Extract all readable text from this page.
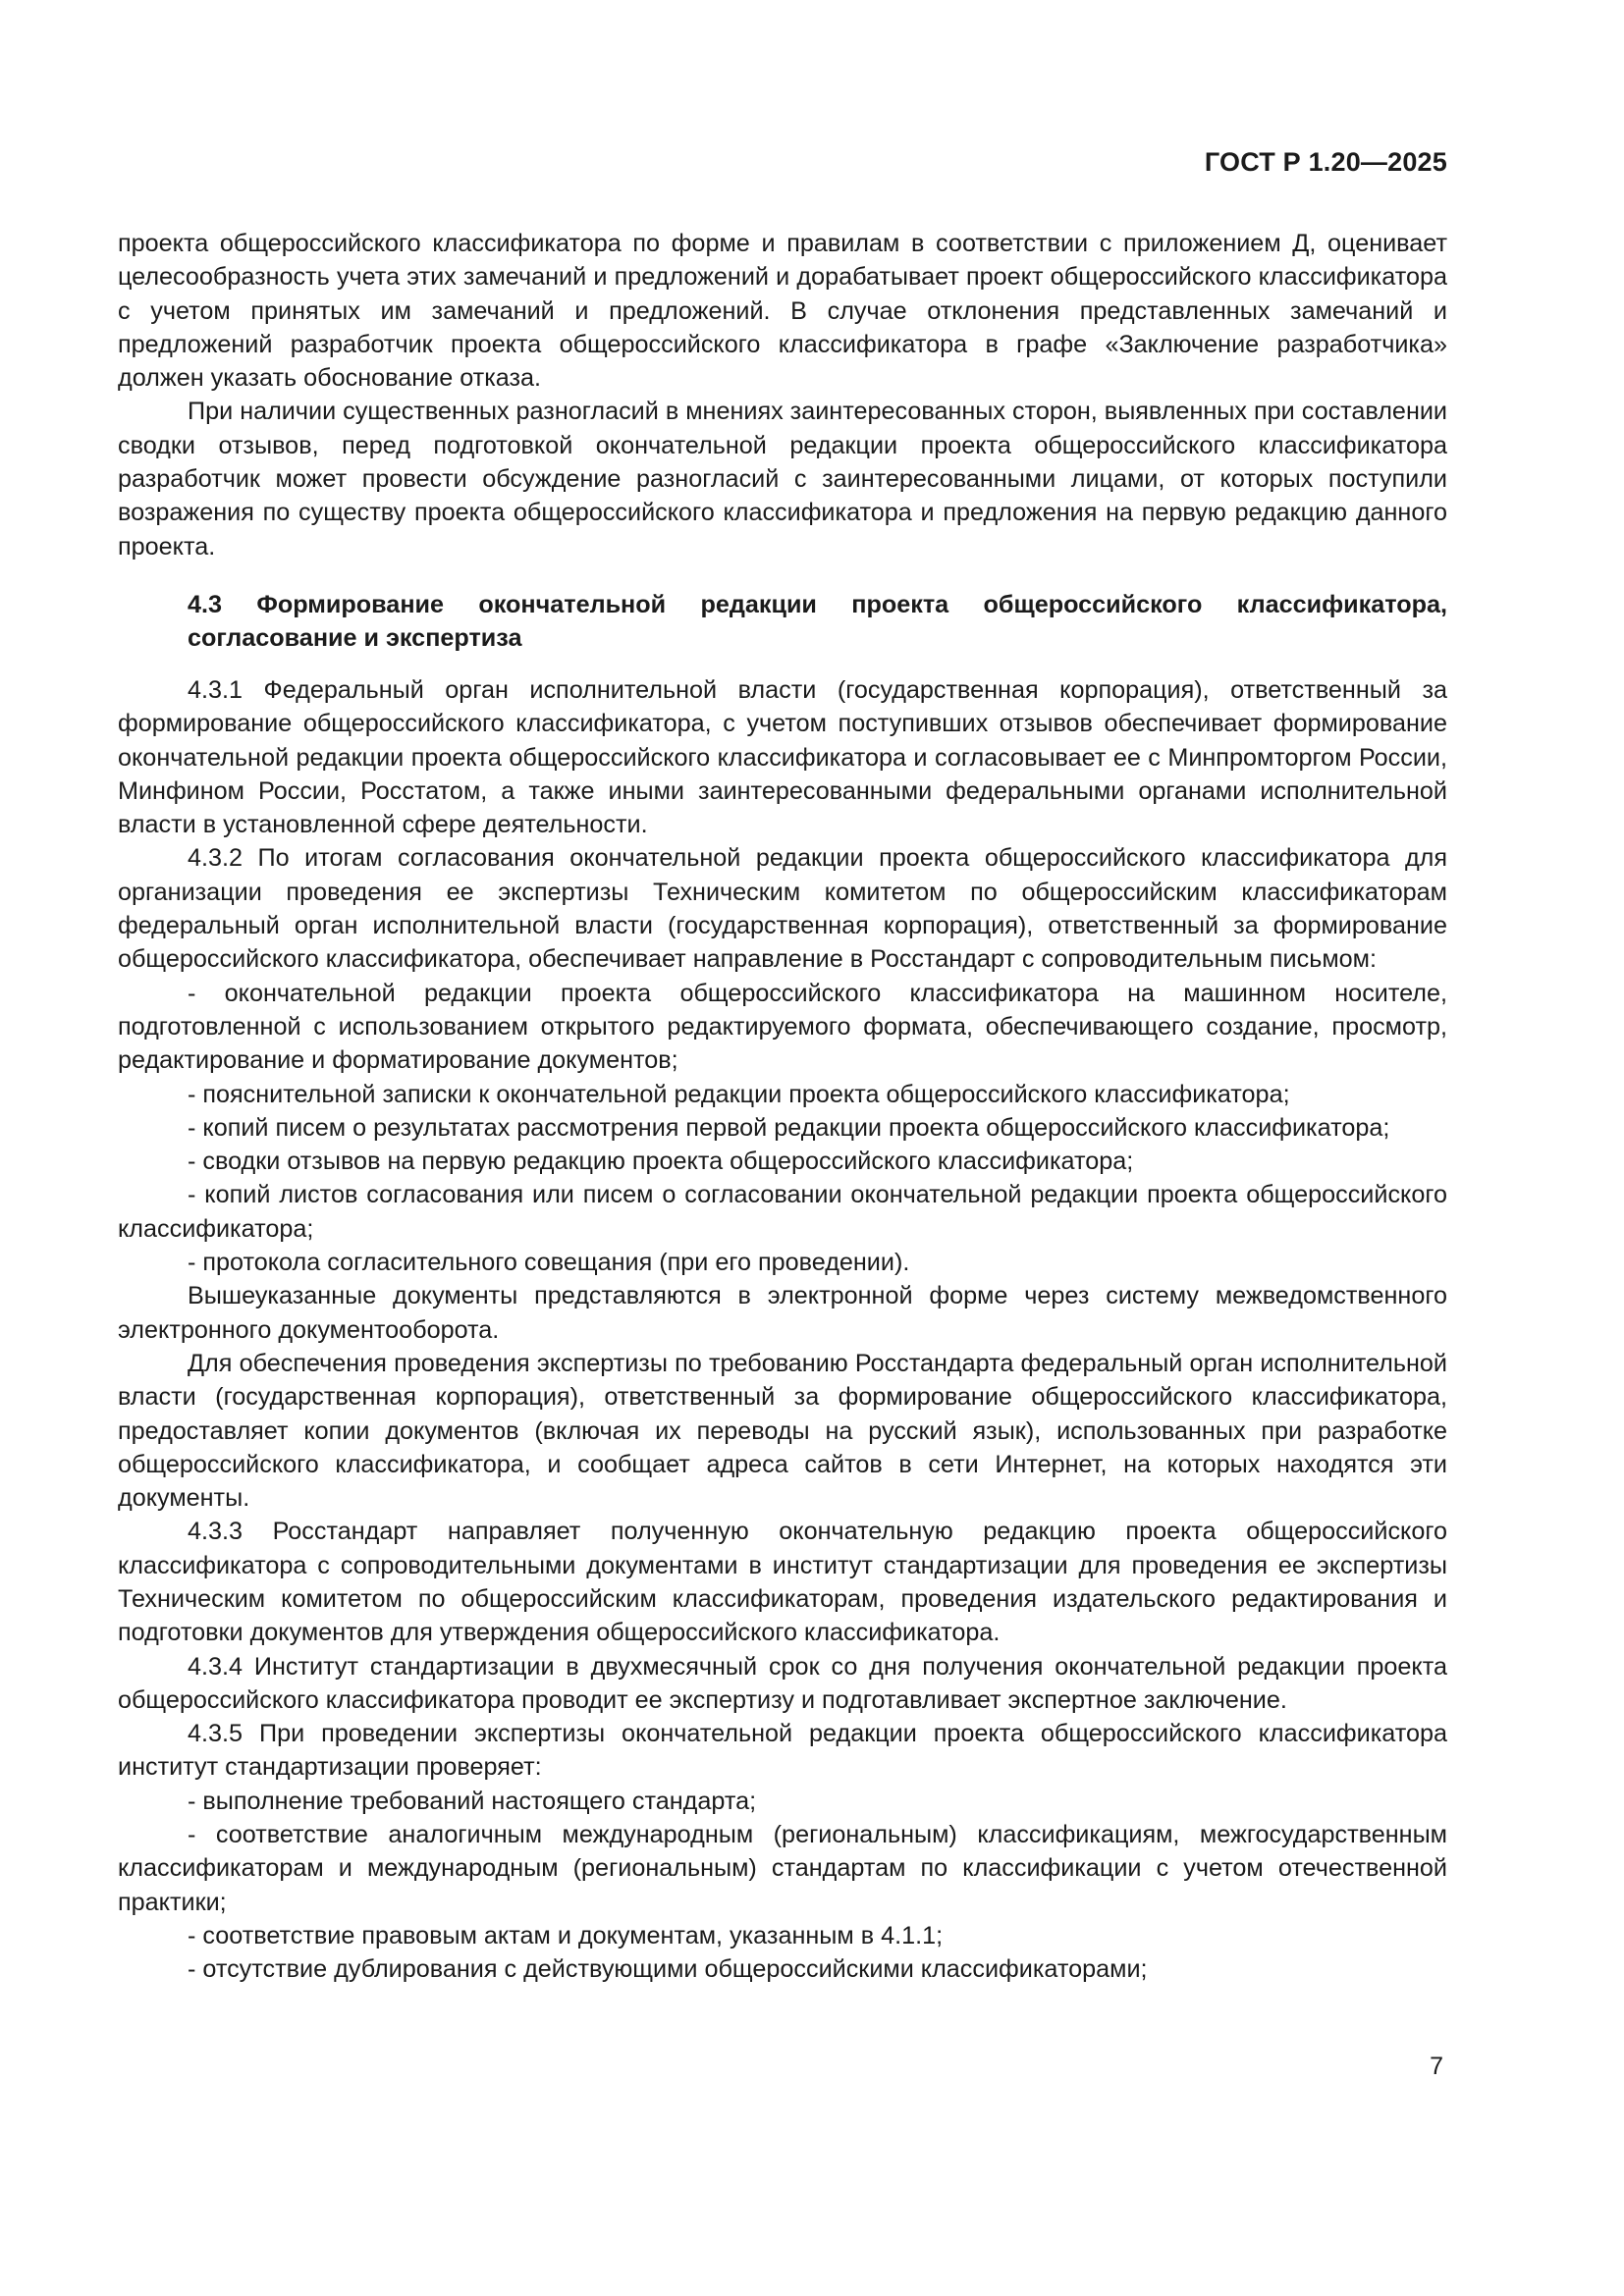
ГОСТ Р 1.20—2025

проекта общероссийского классификатора по форме и правилам в соответствии с приложением Д, оценивает целесообразность учета этих замечаний и предложений и дорабатывает проект общероссийского классификатора с учетом принятых им замечаний и предложений. В случае отклонения представленных замечаний и предложений разработчик проекта общероссийского классификатора в графе «Заключение разработчика» должен указать обоснование отказа.

При наличии существенных разногласий в мнениях заинтересованных сторон, выявленных при составлении сводки отзывов, перед подготовкой окончательной редакции проекта общероссийского классификатора разработчик может провести обсуждение разногласий с заинтересованными лицами, от которых поступили возражения по существу проекта общероссийского классификатора и предложения на первую редакцию данного проекта.

4.3 Формирование окончательной редакции проекта общероссийского классификатора, согласование и экспертиза

4.3.1 Федеральный орган исполнительной власти (государственная корпорация), ответственный за формирование общероссийского классификатора, с учетом поступивших отзывов обеспечивает формирование окончательной редакции проекта общероссийского классификатора и согласовывает ее с Минпромторгом России, Минфином России, Росстатом, а также иными заинтересованными федеральными органами исполнительной власти в установленной сфере деятельности.

4.3.2 По итогам согласования окончательной редакции проекта общероссийского классификатора для организации проведения ее экспертизы Техническим комитетом по общероссийским классификаторам федеральный орган исполнительной власти (государственная корпорация), ответственный за формирование общероссийского классификатора, обеспечивает направление в Росстандарт с сопроводительным письмом:

- окончательной редакции проекта общероссийского классификатора на машинном носителе, подготовленной с использованием открытого редактируемого формата, обеспечивающего создание, просмотр, редактирование и форматирование документов;

- пояснительной записки к окончательной редакции проекта общероссийского классификатора;

- копий писем о результатах рассмотрения первой редакции проекта общероссийского классификатора;

- сводки отзывов на первую редакцию проекта общероссийского классификатора;

- копий листов согласования или писем о согласовании окончательной редакции проекта общероссийского классификатора;

- протокола согласительного совещания (при его проведении).

Вышеуказанные документы представляются в электронной форме через систему межведомственного электронного документооборота.

Для обеспечения проведения экспертизы по требованию Росстандарта федеральный орган исполнительной власти (государственная корпорация), ответственный за формирование общероссийского классификатора, предоставляет копии документов (включая их переводы на русский язык), использованных при разработке общероссийского классификатора, и сообщает адреса сайтов в сети Интернет, на которых находятся эти документы.

4.3.3 Росстандарт направляет полученную окончательную редакцию проекта общероссийского классификатора с сопроводительными документами в институт стандартизации для проведения ее экспертизы Техническим комитетом по общероссийским классификаторам, проведения издательского редактирования и подготовки документов для утверждения общероссийского классификатора.

4.3.4 Институт стандартизации в двухмесячный срок со дня получения окончательной редакции проекта общероссийского классификатора проводит ее экспертизу и подготавливает экспертное заключение.

4.3.5 При проведении экспертизы окончательной редакции проекта общероссийского классификатора институт стандартизации проверяет:

- выполнение требований настоящего стандарта;

- соответствие аналогичным международным (региональным) классификациям, межгосударственным классификаторам и международным (региональным) стандартам по классификации с учетом отечественной практики;

- соответствие правовым актам и документам, указанным в 4.1.1;

- отсутствие дублирования с действующими общероссийскими классификаторами;

7
